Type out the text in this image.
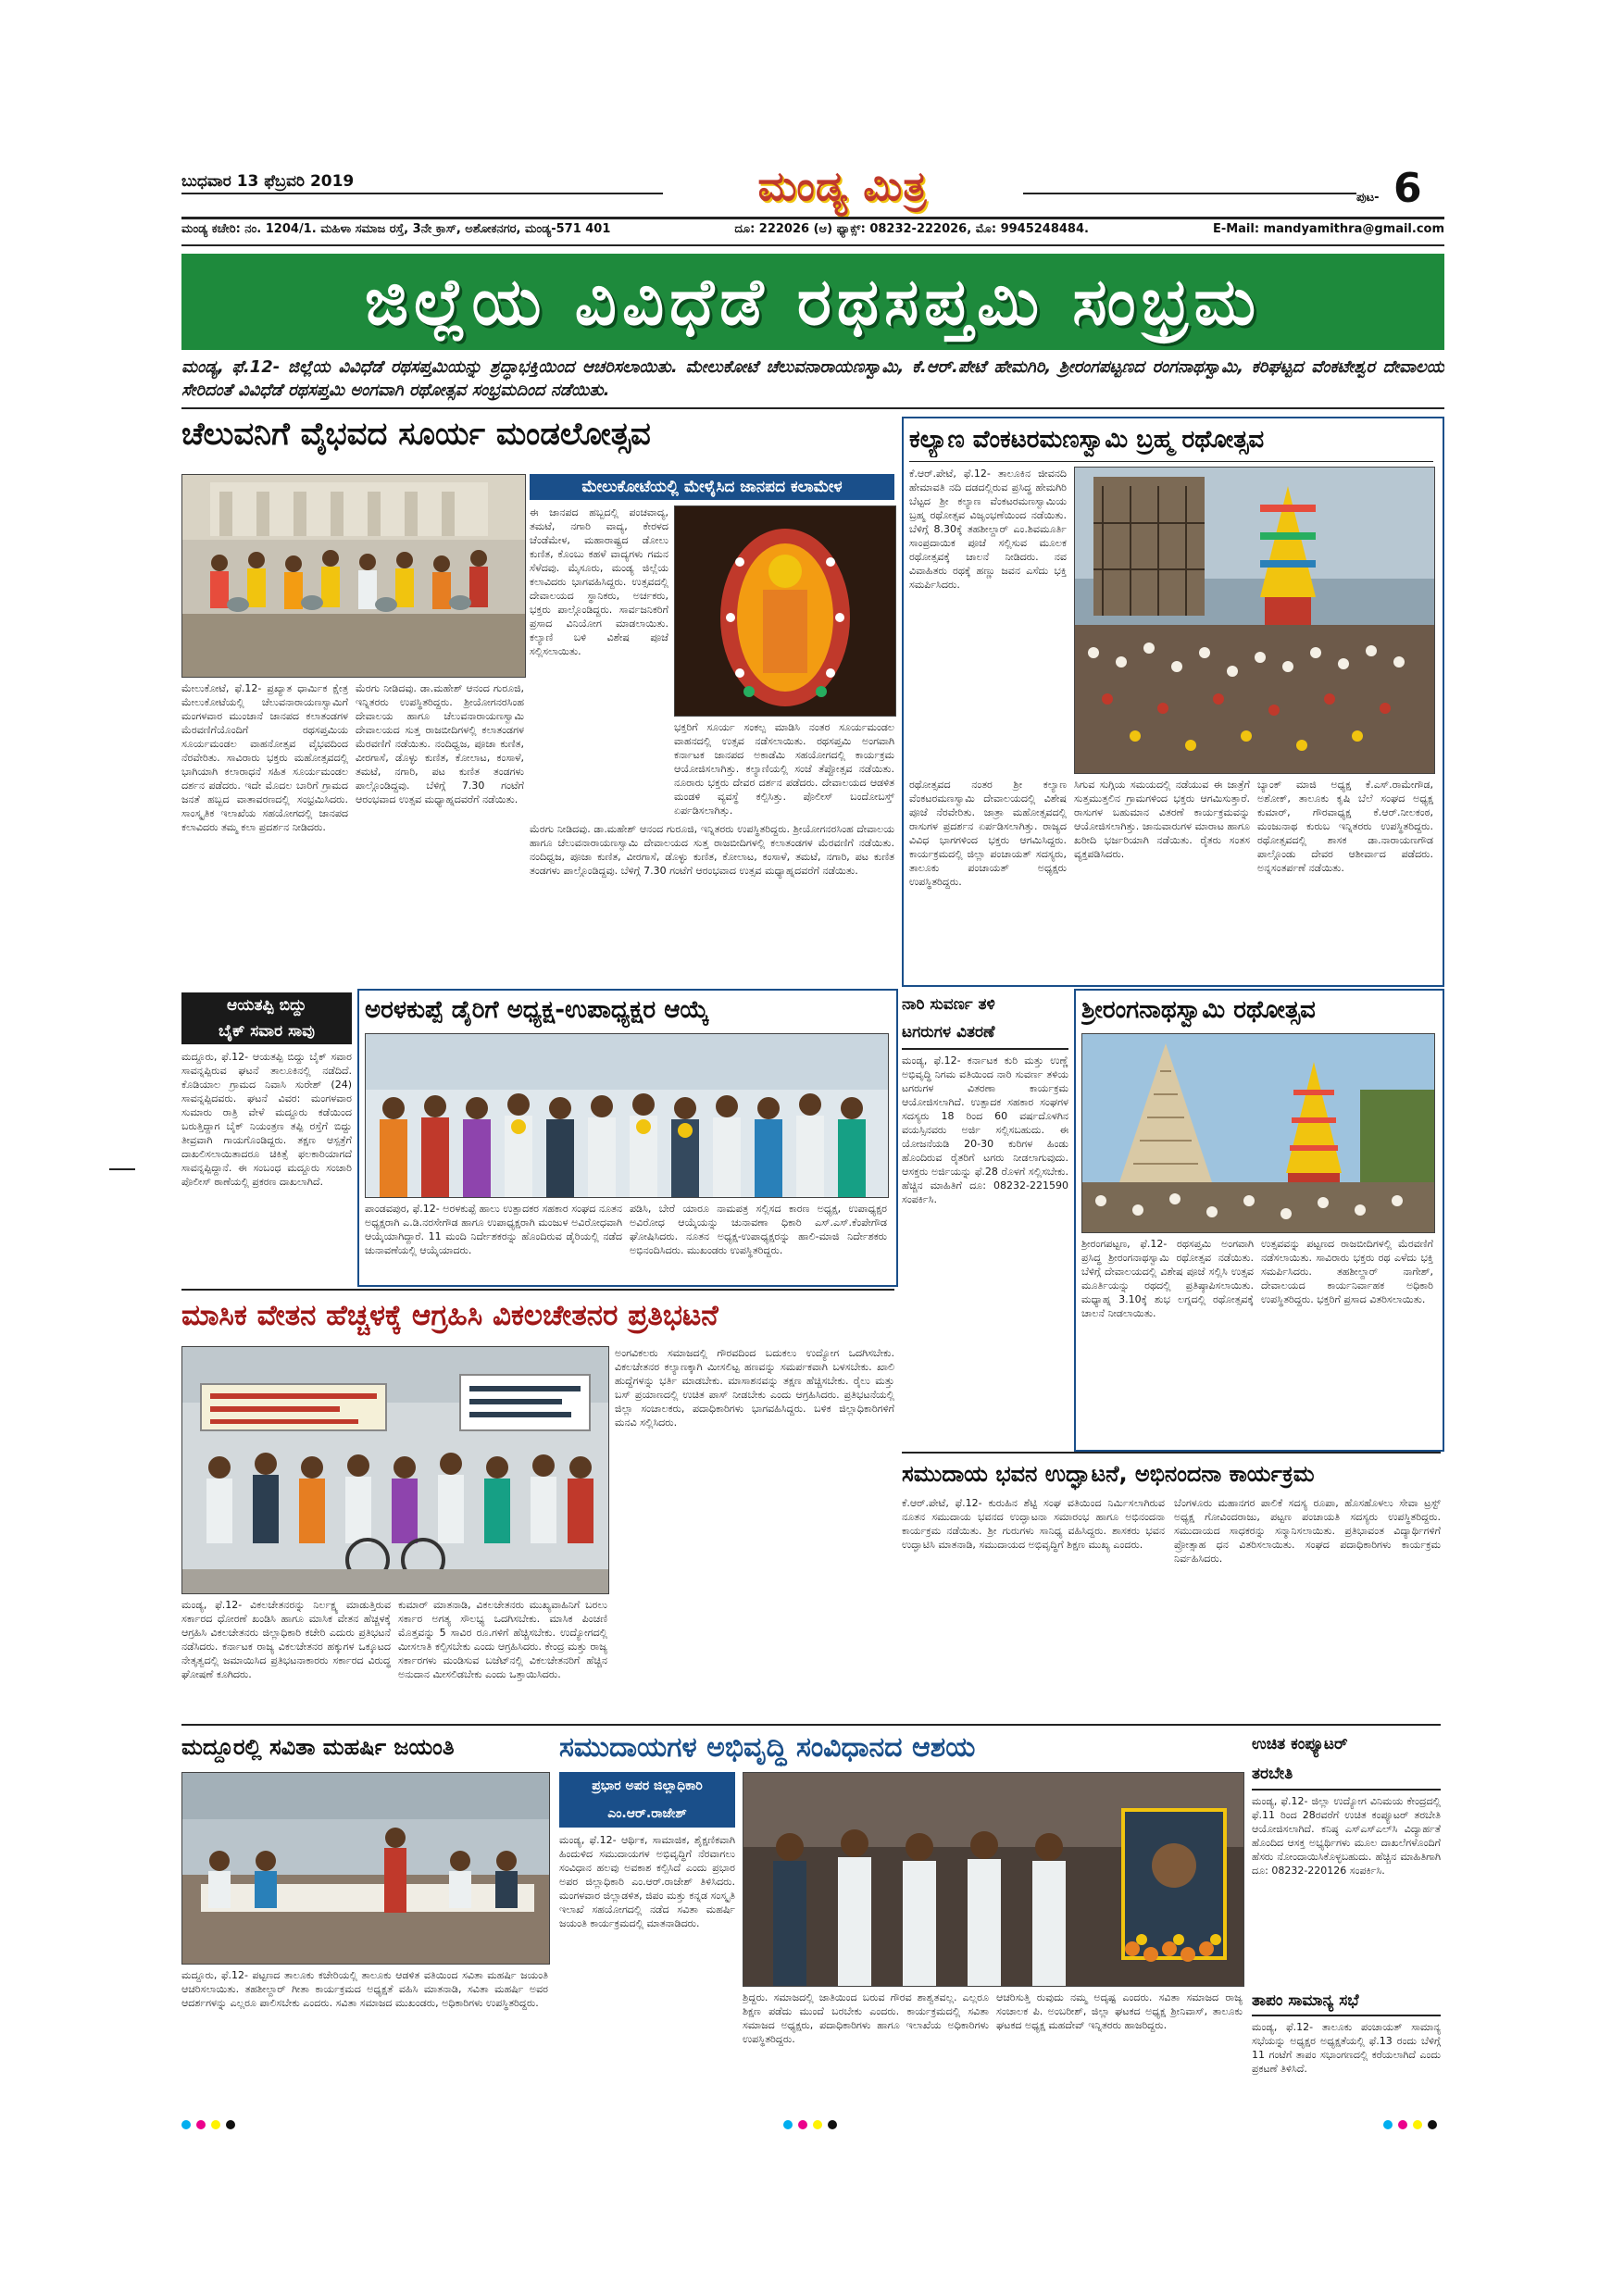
ಬುಧವಾರ 13 ಫೆಬ್ರವರಿ 2019	ಮಂಡ್ಯ ಮಿತ್ರ	ಪುಟ- 6
ಮಂಡ್ಯ ಕಚೇರಿ: ನಂ. 1204/1. ಮಹಿಳಾ ಸಮಾಜ ರಸ್ತೆ, 3ನೇ ಕ್ರಾಸ್, ಅಶೋಕನಗರ, ಮಂಡ್ಯ-571 401	ದೂ: 222026 (ಆ) ಫ್ಯಾಕ್ಸ್: 08232-222026, ಮೊ: 9945248484.	E-Mail: mandyamithra@gmail.com
ಜಿಲ್ಲೆಯ ವಿವಿಧೆಡೆ ರಥಸಪ್ತಮಿ ಸಂಭ್ರಮ
ಮಂಡ್ಯ, ಫೆ.12- ಜಿಲ್ಲೆಯ ವಿವಿಧೆಡೆ ರಥಸಪ್ತಮಿಯನ್ನು ಶ್ರದ್ಧಾಭಕ್ತಿಯಿಂದ ಆಚರಿಸಲಾಯಿತು. ಮೇಲುಕೋಟೆ ಚೆಲುವನಾರಾಯಣಸ್ವಾಮಿ, ಕೆ.ಆರ್.ಪೇಟೆ ಹೇಮಗಿರಿ, ಶ್ರೀರಂಗಪಟ್ಟಣದ ರಂಗನಾಥಸ್ವಾಮಿ, ಕರಿಘಟ್ಟದ ವೆಂಕಟೇಶ್ವರ ದೇವಾಲಯ ಸೇರಿದಂತೆ ವಿವಿಧೆಡೆ ರಥಸಪ್ತಮಿ ಅಂಗವಾಗಿ ರಥೋತ್ಸವ ಸಂಭ್ರಮದಿಂದ ನಡೆಯಿತು.
ಚೆಲುವನಿಗೆ ವೈಭವದ ಸೂರ್ಯ ಮಂಡಲೋತ್ಸವ
ಮೇಲುಕೋಟೆಯಲ್ಲಿ ಮೇಳೈಸಿದ ಜಾನಪದ ಕಲಾಮೇಳ
ಈ ಜಾನಪದ ಹಬ್ಬದಲ್ಲಿ ಪಂಚವಾದ್ಯ, ತಮಟೆ, ನಗಾರಿ ವಾದ್ಯ, ಕೇರಳದ ಚೆಂಡೆಮೇಳ, ಮಹಾರಾಷ್ಟ್ರದ ಡೋಲು ಕುಣಿತ, ಕೊಂಬು ಕಹಳೆ ವಾದ್ಯಗಳು ಗಮನ ಸೆಳೆದವು. ಮೈಸೂರು, ಮಂಡ್ಯ ಜಿಲ್ಲೆಯ ಕಲಾವಿದರು ಭಾಗವಹಿಸಿದ್ದರು. ಉತ್ಸವದಲ್ಲಿ ದೇವಾಲಯದ ಸ್ಥಾನಿಕರು, ಅರ್ಚಕರು, ಭಕ್ತರು ಪಾಲ್ಗೊಂಡಿದ್ದರು. ಸಾರ್ವಜನಿಕರಿಗೆ ಪ್ರಸಾದ ವಿನಿಯೋಗ ಮಾಡಲಾಯಿತು. ಕಲ್ಯಾಣಿ ಬಳಿ ವಿಶೇಷ ಪೂಜೆ ಸಲ್ಲಿಸಲಾಯಿತು.
ಭಕ್ತರಿಗೆ ಸೂರ್ಯ ಸಂಕಲ್ಪ ಮಾಡಿಸಿ ನಂತರ ಸೂರ್ಯಮಂಡಲ ವಾಹನದಲ್ಲಿ ಉತ್ಸವ ನಡೆಸಲಾಯಿತು. ರಥಸಪ್ತಮಿ ಅಂಗವಾಗಿ ಕರ್ನಾಟಕ ಜಾನಪದ ಅಕಾಡೆಮಿ ಸಹಯೋಗದಲ್ಲಿ ಕಾರ್ಯಕ್ರಮ ಆಯೋಜಿಸಲಾಗಿತ್ತು. ಕಲ್ಯಾಣಿಯಲ್ಲಿ ಸಂಜೆ ತೆಪ್ಪೋತ್ಸವ ನಡೆಯಿತು. ನೂರಾರು ಭಕ್ತರು ದೇವರ ದರ್ಶನ ಪಡೆದರು. ದೇವಾಲಯದ ಆಡಳಿತ ಮಂಡಳಿ ವ್ಯವಸ್ಥೆ ಕಲ್ಪಿಸಿತ್ತು. ಪೊಲೀಸ್ ಬಂದೋಬಸ್ತ್ ಏರ್ಪಡಿಸಲಾಗಿತ್ತು.
ಮೇಲುಕೋಟೆ, ಫೆ.12- ಪ್ರಖ್ಯಾತ ಧಾರ್ಮಿಕ ಕ್ಷೇತ್ರ ಮೇಲುಕೋಟೆಯಲ್ಲಿ ಚೆಲುವನಾರಾಯಣಸ್ವಾಮಿಗೆ ಮಂಗಳವಾರ ಮುಂಜಾನೆ ಜಾನಪದ ಕಲಾತಂಡಗಳ ಮೆರವಣಿಗೆಯೊಂದಿಗೆ ರಥಸಪ್ತಮಿಯ ಸೂರ್ಯಮಂಡಲ ವಾಹನೋತ್ಸವ ವೈಭವದಿಂದ ನೆರವೇರಿತು. ಸಾವಿರಾರು ಭಕ್ತರು ಮಹೋತ್ಸವದಲ್ಲಿ ಭಾಗಿಯಾಗಿ ಕಲಾರಾಧನೆ ಸಹಿತ ಸೂರ್ಯಮಂಡಲ ದರ್ಶನ ಪಡೆದರು. ಇದೇ ಮೊದಲ ಬಾರಿಗೆ ಗ್ರಾಮದ ಜನತೆ ಹಬ್ಬದ ವಾತಾವರಣದಲ್ಲಿ ಸಂಭ್ರಮಿಸಿದರು. ಸಾಂಸ್ಕೃತಿಕ ಇಲಾಖೆಯ ಸಹಯೋಗದಲ್ಲಿ ಜಾನಪದ ಕಲಾವಿದರು ತಮ್ಮ ಕಲಾ ಪ್ರದರ್ಶನ ನೀಡಿದರು.
ಮೆರಗು ನೀಡಿದವು. ಡಾ.ಮಹೇಶ್ ಆನಂದ ಗುರೂಜಿ, ಇನ್ನಿತರರು ಉಪಸ್ಥಿತರಿದ್ದರು. ಶ್ರೀಯೋಗನರಸಿಂಹ ದೇವಾಲಯ ಹಾಗೂ ಚೆಲುವನಾರಾಯಣಸ್ವಾಮಿ ದೇವಾಲಯದ ಸುತ್ತ ರಾಜಬೀದಿಗಳಲ್ಲಿ ಕಲಾತಂಡಗಳ ಮೆರವಣಿಗೆ ನಡೆಯಿತು. ನಂದಿಧ್ವಜ, ಪೂಜಾ ಕುಣಿತ, ವೀರಗಾಸೆ, ಡೊಳ್ಳು ಕುಣಿತ, ಕೋಲಾಟ, ಕಂಸಾಳೆ, ತಮಟೆ, ನಗಾರಿ, ಪಟ ಕುಣಿತ ತಂಡಗಳು ಪಾಲ್ಗೊಂಡಿದ್ದವು. ಬೆಳಿಗ್ಗೆ 7.30 ಗಂಟೆಗೆ ಆರಂಭವಾದ ಉತ್ಸವ ಮಧ್ಯಾಹ್ನದವರೆಗೆ ನಡೆಯಿತು.
ಮೆರಗು ನೀಡಿದವು. ಡಾ.ಮಹೇಶ್ ಆನಂದ ಗುರೂಜಿ, ಇನ್ನಿತರರು ಉಪಸ್ಥಿತರಿದ್ದರು. ಶ್ರೀಯೋಗನರಸಿಂಹ ದೇವಾಲಯ ಹಾಗೂ ಚೆಲುವನಾರಾಯಣಸ್ವಾಮಿ ದೇವಾಲಯದ ಸುತ್ತ ರಾಜಬೀದಿಗಳಲ್ಲಿ ಕಲಾತಂಡಗಳ ಮೆರವಣಿಗೆ ನಡೆಯಿತು. ನಂದಿಧ್ವಜ, ಪೂಜಾ ಕುಣಿತ, ವೀರಗಾಸೆ, ಡೊಳ್ಳು ಕುಣಿತ, ಕೋಲಾಟ, ಕಂಸಾಳೆ, ತಮಟೆ, ನಗಾರಿ, ಪಟ ಕುಣಿತ ತಂಡಗಳು ಪಾಲ್ಗೊಂಡಿದ್ದವು. ಬೆಳಿಗ್ಗೆ 7.30 ಗಂಟೆಗೆ ಆರಂಭವಾದ ಉತ್ಸವ ಮಧ್ಯಾಹ್ನದವರೆಗೆ ನಡೆಯಿತು.
ಕಲ್ಯಾಣ ವೆಂಕಟರಮಣಸ್ವಾಮಿ ಬ್ರಹ್ಮ ರಥೋತ್ಸವ
ಕೆ.ಆರ್.ಪೇಟೆ, ಫೆ.12- ತಾಲೂಕಿನ ಜೀವನದಿ ಹೇಮಾವತಿ ನದಿ ದಡದಲ್ಲಿರುವ ಪ್ರಸಿದ್ಧ ಹೇಮಗಿರಿ ಬೆಟ್ಟದ ಶ್ರೀ ಕಲ್ಯಾಣ ವೆಂಕಟರಮಣಸ್ವಾಮಿಯ ಬ್ರಹ್ಮ ರಥೋತ್ಸವ ವಿಜೃಂಭಣೆಯಿಂದ ನಡೆಯಿತು. ಬೆಳಿಗ್ಗೆ 8.30ಕ್ಕೆ ತಹಶೀಲ್ದಾರ್ ಎಂ.ಶಿವಮೂರ್ತಿ ಸಾಂಪ್ರದಾಯಿಕ ಪೂಜೆ ಸಲ್ಲಿಸುವ ಮೂಲಕ ರಥೋತ್ಸವಕ್ಕೆ ಚಾಲನೆ ನೀಡಿದರು. ನವ ವಿವಾಹಿತರು ರಥಕ್ಕೆ ಹಣ್ಣು ಜವನ ಎಸೆದು ಭಕ್ತಿ ಸಮರ್ಪಿಸಿದರು.
ರಥೋತ್ಸವದ ನಂತರ ಶ್ರೀ ಕಲ್ಯಾಣ ವೆಂಕಟರಮಣಸ್ವಾಮಿ ದೇವಾಲಯದಲ್ಲಿ ವಿಶೇಷ ಪೂಜೆ ನೆರವೇರಿತು. ಜಾತ್ರಾ ಮಹೋತ್ಸವದಲ್ಲಿ ರಾಸುಗಳ ಪ್ರದರ್ಶನ ಏರ್ಪಡಿಸಲಾಗಿತ್ತು. ರಾಜ್ಯದ ವಿವಿಧ ಭಾಗಗಳಿಂದ ಭಕ್ತರು ಆಗಮಿಸಿದ್ದರು. ಕಾರ್ಯಕ್ರಮದಲ್ಲಿ ಜಿಲ್ಲಾ ಪಂಚಾಯತ್ ಸದಸ್ಯರು, ತಾಲೂಕು ಪಂಚಾಯತ್ ಅಧ್ಯಕ್ಷರು ಉಪಸ್ಥಿತರಿದ್ದರು.
ಸಿಗುವ ಸುಗ್ಗಿಯ ಸಮಯದಲ್ಲಿ ನಡೆಯುವ ಈ ಜಾತ್ರೆಗೆ ಸುತ್ತಮುತ್ತಲಿನ ಗ್ರಾಮಗಳಿಂದ ಭಕ್ತರು ಆಗಮಿಸುತ್ತಾರೆ. ರಾಸುಗಳ ಬಹುಮಾನ ವಿತರಣೆ ಕಾರ್ಯಕ್ರಮವನ್ನು ಆಯೋಜಿಸಲಾಗಿತ್ತು. ಜಾನುವಾರುಗಳ ಮಾರಾಟ ಹಾಗೂ ಖರೀದಿ ಭರ್ಜರಿಯಾಗಿ ನಡೆಯಿತು. ರೈತರು ಸಂತಸ ವ್ಯಕ್ತಪಡಿಸಿದರು.
ಬ್ಯಾಂಕ್ ಮಾಜಿ ಅಧ್ಯಕ್ಷ ಕೆ.ಎಸ್.ರಾಮೇಗೌಡ, ಅಶೋಕ್, ತಾಲೂಕು ಕೃಷಿ ಬೆಲೆ ಸಂಘದ ಅಧ್ಯಕ್ಷ ಕುಮಾರ್, ಗೌರವಾಧ್ಯಕ್ಷ ಕೆ.ಆರ್.ನೀಲಕಂಠ, ಮಂಜುನಾಥ ಕುರುಬ ಇನ್ನಿತರರು ಉಪಸ್ಥಿತರಿದ್ದರು. ರಥೋತ್ಸವದಲ್ಲಿ ಶಾಸಕ ಡಾ.ನಾರಾಯಣಗೌಡ ಪಾಲ್ಗೊಂಡು ದೇವರ ಆಶೀರ್ವಾದ ಪಡೆದರು. ಅನ್ನಸಂತರ್ಪಣೆ ನಡೆಯಿತು.
ಆಯತಪ್ಪಿ ಬಿದ್ದು
ಬೈಕ್ ಸವಾರ ಸಾವು
ಮದ್ದೂರು, ಫೆ.12- ಆಯತಪ್ಪಿ ಬಿದ್ದು ಬೈಕ್ ಸವಾರ ಸಾವನ್ನಪ್ಪಿರುವ ಘಟನೆ ತಾಲೂಕಿನಲ್ಲಿ ನಡೆದಿದೆ. ಕೊಡಿಯಾಲ ಗ್ರಾಮದ ನಿವಾಸಿ ಸುರೇಶ್ (24) ಸಾವನ್ನಪ್ಪಿದವರು. ಘಟನೆ ವಿವರ: ಮಂಗಳವಾರ ಸುಮಾರು ರಾತ್ರಿ ವೇಳೆ ಮದ್ದೂರು ಕಡೆಯಿಂದ ಬರುತ್ತಿದ್ದಾಗ ಬೈಕ್ ನಿಯಂತ್ರಣ ತಪ್ಪಿ ರಸ್ತೆಗೆ ಬಿದ್ದು ತೀವ್ರವಾಗಿ ಗಾಯಗೊಂಡಿದ್ದರು. ತಕ್ಷಣ ಆಸ್ಪತ್ರೆಗೆ ದಾಖಲಿಸಲಾಯಿತಾದರೂ ಚಿಕಿತ್ಸೆ ಫಲಕಾರಿಯಾಗದೆ ಸಾವನ್ನಪ್ಪಿದ್ದಾನೆ. ಈ ಸಂಬಂಧ ಮದ್ದೂರು ಸಂಚಾರಿ ಪೊಲೀಸ್ ಠಾಣೆಯಲ್ಲಿ ಪ್ರಕರಣ ದಾಖಲಾಗಿದೆ.
ಅರಳಕುಪ್ಪೆ ಡೈರಿಗೆ ಅಧ್ಯಕ್ಷ-ಉಪಾಧ್ಯಕ್ಷರ ಆಯ್ಕೆ
ಪಾಂಡವಪುರ, ಫೆ.12- ಅರಳಕುಪ್ಪೆ ಹಾಲು ಉತ್ಪಾದಕರ ಸಹಕಾರ ಸಂಘದ ನೂತನ ಅಧ್ಯಕ್ಷರಾಗಿ ಎ.ಡಿ.ನರಸೇಗೌಡ ಹಾಗೂ ಉಪಾಧ್ಯಕ್ಷರಾಗಿ ಮಂಜುಳ ಅವಿರೋಧವಾಗಿ ಆಯ್ಕೆಯಾಗಿದ್ದಾರೆ. 11 ಮಂದಿ ನಿರ್ದೇಶಕರನ್ನು ಹೊಂದಿರುವ ಡೈರಿಯಲ್ಲಿ ನಡೆದ ಚುನಾವಣೆಯಲ್ಲಿ ಆಯ್ಕೆಯಾದರು.
ಪಡಿಸಿ, ಬೇರೆ ಯಾರೂ ನಾಮಪತ್ರ ಸಲ್ಲಿಸದ ಕಾರಣ ಅಧ್ಯಕ್ಷ, ಉಪಾಧ್ಯಕ್ಷರ ಅವಿರೋಧ ಆಯ್ಕೆಯನ್ನು ಚುನಾವಣಾ ಧಿಕಾರಿ ಎಸ್.ಎಸ್.ಕೆಂಪೇಗೌಡ ಘೋಷಿಸಿದರು. ನೂತನ ಅಧ್ಯಕ್ಷ-ಉಪಾಧ್ಯಕ್ಷರನ್ನು ಹಾಲಿ-ಮಾಜಿ ನಿರ್ದೇಶಕರು ಅಭಿನಂದಿಸಿದರು. ಮುಖಂಡರು ಉಪಸ್ಥಿತರಿದ್ದರು.
ನಾರಿ ಸುವರ್ಣ ತಳಿ
ಟಗರುಗಳ ವಿತರಣೆ
ಮಂಡ್ಯ, ಫೆ.12- ಕರ್ನಾಟಕ ಕುರಿ ಮತ್ತು ಉಣ್ಣೆ ಅಭಿವೃದ್ಧಿ ನಿಗಮ ವತಿಯಿಂದ ನಾರಿ ಸುವರ್ಣ ತಳಿಯ ಟಗರುಗಳ ವಿತರಣಾ ಕಾರ್ಯಕ್ರಮ ಆಯೋಜಿಸಲಾಗಿದೆ. ಉತ್ಪಾದಕ ಸಹಕಾರ ಸಂಘಗಳ ಸದಸ್ಯರು 18 ರಿಂದ 60 ವರ್ಷದೊಳಗಿನ ವಯಸ್ಸಿನವರು ಅರ್ಜಿ ಸಲ್ಲಿಸಬಹುದು. ಈ ಯೋಜನೆಯಡಿ 20-30 ಕುರಿಗಳ ಹಿಂಡು ಹೊಂದಿರುವ ರೈತರಿಗೆ ಟಗರು ನೀಡಲಾಗುವುದು. ಆಸಕ್ತರು ಅರ್ಜಿಯನ್ನು ಫೆ.28 ರೊಳಗೆ ಸಲ್ಲಿಸಬೇಕು. ಹೆಚ್ಚಿನ ಮಾಹಿತಿಗೆ ದೂ: 08232-221590 ಸಂಪರ್ಕಿಸಿ.
ಶ್ರೀರಂಗನಾಥಸ್ವಾಮಿ ರಥೋತ್ಸವ
ಶ್ರೀರಂಗಪಟ್ಟಣ, ಫೆ.12- ರಥಸಪ್ತಮಿ ಅಂಗವಾಗಿ ಪ್ರಸಿದ್ಧ ಶ್ರೀರಂಗನಾಥಸ್ವಾಮಿ ರಥೋತ್ಸವ ನಡೆಯಿತು. ಬೆಳಿಗ್ಗೆ ದೇವಾಲಯದಲ್ಲಿ ವಿಶೇಷ ಪೂಜೆ ಸಲ್ಲಿಸಿ ಉತ್ಸವ ಮೂರ್ತಿಯನ್ನು ರಥದಲ್ಲಿ ಪ್ರತಿಷ್ಠಾಪಿಸಲಾಯಿತು. ಮಧ್ಯಾಹ್ನ 3.10ಕ್ಕೆ ಶುಭ ಲಗ್ನದಲ್ಲಿ ರಥೋತ್ಸವಕ್ಕೆ ಚಾಲನೆ ನೀಡಲಾಯಿತು.
ಉತ್ಸವವನ್ನು ಪಟ್ಟಣದ ರಾಜಬೀದಿಗಳಲ್ಲಿ ಮೆರವಣಿಗೆ ನಡೆಸಲಾಯಿತು. ಸಾವಿರಾರು ಭಕ್ತರು ರಥ ಎಳೆದು ಭಕ್ತಿ ಸಮರ್ಪಿಸಿದರು. ತಹಶೀಲ್ದಾರ್ ನಾಗೇಶ್, ದೇವಾಲಯದ ಕಾರ್ಯನಿರ್ವಾಹಕ ಅಧಿಕಾರಿ ಉಪಸ್ಥಿತರಿದ್ದರು. ಭಕ್ತರಿಗೆ ಪ್ರಸಾದ ವಿತರಿಸಲಾಯಿತು.
ಮಾಸಿಕ ವೇತನ ಹೆಚ್ಚಳಕ್ಕೆ ಆಗ್ರಹಿಸಿ ವಿಕಲಚೇತನರ ಪ್ರತಿಭಟನೆ
ಅಂಗವಿಕಲರು ಸಮಾಜದಲ್ಲಿ ಗೌರವದಿಂದ ಬದುಕಲು ಉದ್ಯೋಗ ಒದಗಿಸಬೇಕು. ವಿಕಲಚೇತನರ ಕಲ್ಯಾಣಕ್ಕಾಗಿ ಮೀಸಲಿಟ್ಟ ಹಣವನ್ನು ಸಮರ್ಪಕವಾಗಿ ಬಳಸಬೇಕು. ಖಾಲಿ ಹುದ್ದೆಗಳನ್ನು ಭರ್ತಿ ಮಾಡಬೇಕು. ಮಾಸಾಶನವನ್ನು ತಕ್ಷಣ ಹೆಚ್ಚಿಸಬೇಕು. ರೈಲು ಮತ್ತು ಬಸ್ ಪ್ರಯಾಣದಲ್ಲಿ ಉಚಿತ ಪಾಸ್ ನೀಡಬೇಕು ಎಂದು ಆಗ್ರಹಿಸಿದರು. ಪ್ರತಿಭಟನೆಯಲ್ಲಿ ಜಿಲ್ಲಾ ಸಂಚಾಲಕರು, ಪದಾಧಿಕಾರಿಗಳು ಭಾಗವಹಿಸಿದ್ದರು. ಬಳಿಕ ಜಿಲ್ಲಾಧಿಕಾರಿಗಳಿಗೆ ಮನವಿ ಸಲ್ಲಿಸಿದರು.
ಮಂಡ್ಯ, ಫೆ.12- ವಿಕಲಚೇತನರನ್ನು ನಿರ್ಲಕ್ಷ್ಯ ಮಾಡುತ್ತಿರುವ ಸರ್ಕಾರದ ಧೋರಣೆ ಖಂಡಿಸಿ ಹಾಗೂ ಮಾಸಿಕ ವೇತನ ಹೆಚ್ಚಳಕ್ಕೆ ಆಗ್ರಹಿಸಿ ವಿಕಲಚೇತನರು ಜಿಲ್ಲಾಧಿಕಾರಿ ಕಚೇರಿ ಎದುರು ಪ್ರತಿಭಟನೆ ನಡೆಸಿದರು. ಕರ್ನಾಟಕ ರಾಜ್ಯ ವಿಕಲಚೇತನರ ಹಕ್ಕುಗಳ ಒಕ್ಕೂಟದ ನೇತೃತ್ವದಲ್ಲಿ ಜಮಾಯಿಸಿದ ಪ್ರತಿಭಟನಾಕಾರರು ಸರ್ಕಾರದ ವಿರುದ್ಧ ಘೋಷಣೆ ಕೂಗಿದರು.
ಕುಮಾರ್ ಮಾತನಾಡಿ, ವಿಕಲಚೇತನರು ಮುಖ್ಯವಾಹಿನಿಗೆ ಬರಲು ಸರ್ಕಾರ ಅಗತ್ಯ ಸೌಲಭ್ಯ ಒದಗಿಸಬೇಕು. ಮಾಸಿಕ ಪಿಂಚಣಿ ಮೊತ್ತವನ್ನು 5 ಸಾವಿರ ರೂ.ಗಳಿಗೆ ಹೆಚ್ಚಿಸಬೇಕು. ಉದ್ಯೋಗದಲ್ಲಿ ಮೀಸಲಾತಿ ಕಲ್ಪಿಸಬೇಕು ಎಂದು ಆಗ್ರಹಿಸಿದರು. ಕೇಂದ್ರ ಮತ್ತು ರಾಜ್ಯ ಸರ್ಕಾರಗಳು ಮಂಡಿಸುವ ಬಜೆಟ್‌ನಲ್ಲಿ ವಿಕಲಚೇತನರಿಗೆ ಹೆಚ್ಚಿನ ಅನುದಾನ ಮೀಸಲಿಡಬೇಕು ಎಂದು ಒತ್ತಾಯಿಸಿದರು.
ಸಮುದಾಯ ಭವನ ಉದ್ಘಾಟನೆ, ಅಭಿನಂದನಾ ಕಾರ್ಯಕ್ರಮ
ಕೆ.ಆರ್.ಪೇಟೆ, ಫೆ.12- ಕುರುಹಿನ ಶೆಟ್ಟಿ ಸಂಘ ವತಿಯಿಂದ ನಿರ್ಮಿಸಲಾಗಿರುವ ನೂತನ ಸಮುದಾಯ ಭವನದ ಉದ್ಘಾಟನಾ ಸಮಾರಂಭ ಹಾಗೂ ಅಭಿನಂದನಾ ಕಾರ್ಯಕ್ರಮ ನಡೆಯಿತು. ಶ್ರೀ ಗುರುಗಳು ಸಾನಿಧ್ಯ ವಹಿಸಿದ್ದರು. ಶಾಸಕರು ಭವನ ಉದ್ಘಾಟಿಸಿ ಮಾತನಾಡಿ, ಸಮುದಾಯದ ಅಭಿವೃದ್ಧಿಗೆ ಶಿಕ್ಷಣ ಮುಖ್ಯ ಎಂದರು.
ಬೆಂಗಳೂರು ಮಹಾನಗರ ಪಾಲಿಕೆ ಸದಸ್ಯ ರೂಪಾ, ಹೊಸಹೊಳಲು ಸೇವಾ ಟ್ರಸ್ಟ್ ಅಧ್ಯಕ್ಷ ಗೋವಿಂದರಾಜು, ಪಟ್ಟಣ ಪಂಚಾಯತಿ ಸದಸ್ಯರು ಉಪಸ್ಥಿತರಿದ್ದರು. ಸಮುದಾಯದ ಸಾಧಕರನ್ನು ಸನ್ಮಾನಿಸಲಾಯಿತು. ಪ್ರತಿಭಾವಂತ ವಿದ್ಯಾರ್ಥಿಗಳಿಗೆ ಪ್ರೋತ್ಸಾಹ ಧನ ವಿತರಿಸಲಾಯಿತು. ಸಂಘದ ಪದಾಧಿಕಾರಿಗಳು ಕಾರ್ಯಕ್ರಮ ನಿರ್ವಹಿಸಿದರು.
ಮದ್ದೂರಲ್ಲಿ ಸವಿತಾ ಮಹರ್ಷಿ ಜಯಂತಿ
ಮದ್ದೂರು, ಫೆ.12- ಪಟ್ಟಣದ ತಾಲೂಕು ಕಚೇರಿಯಲ್ಲಿ ತಾಲೂಕು ಆಡಳಿತ ವತಿಯಿಂದ ಸವಿತಾ ಮಹರ್ಷಿ ಜಯಂತಿ ಆಚರಿಸಲಾಯಿತು. ತಹಶೀಲ್ದಾರ್ ಗೀತಾ ಕಾರ್ಯಕ್ರಮದ ಅಧ್ಯಕ್ಷತೆ ವಹಿಸಿ ಮಾತನಾಡಿ, ಸವಿತಾ ಮಹರ್ಷಿ ಅವರ ಆದರ್ಶಗಳನ್ನು ಎಲ್ಲರೂ ಪಾಲಿಸಬೇಕು ಎಂದರು. ಸವಿತಾ ಸಮಾಜದ ಮುಖಂಡರು, ಅಧಿಕಾರಿಗಳು ಉಪಸ್ಥಿತರಿದ್ದರು.
ಸಮುದಾಯಗಳ ಅಭಿವೃದ್ಧಿ ಸಂವಿಧಾನದ ಆಶಯ
ಪ್ರಭಾರ ಅಪರ ಜಿಲ್ಲಾಧಿಕಾರಿ
ಎಂ.ಆರ್.ರಾಜೇಶ್
ಮಂಡ್ಯ, ಫೆ.12- ಆರ್ಥಿಕ, ಸಾಮಾಜಿಕ, ಶೈಕ್ಷಣಿಕವಾಗಿ ಹಿಂದುಳಿದ ಸಮುದಾಯಗಳ ಅಭಿವೃದ್ಧಿಗೆ ನೆರವಾಗಲು ಸಂವಿಧಾನ ಹಲವು ಅವಕಾಶ ಕಲ್ಪಿಸಿದೆ ಎಂದು ಪ್ರಭಾರ ಅಪರ ಜಿಲ್ಲಾಧಿಕಾರಿ ಎಂ.ಆರ್.ರಾಜೇಶ್ ತಿಳಿಸಿದರು. ಮಂಗಳವಾರ ಜಿಲ್ಲಾಡಳಿತ, ಜಿಪಂ ಮತ್ತು ಕನ್ನಡ ಸಂಸ್ಕೃತಿ ಇಲಾಖೆ ಸಹಯೋಗದಲ್ಲಿ ನಡೆದ ಸವಿತಾ ಮಹರ್ಷಿ ಜಯಂತಿ ಕಾರ್ಯಕ್ರಮದಲ್ಲಿ ಮಾತನಾಡಿದರು.
ಶ್ರಿದ್ದರು. ಸಮಾಜದಲ್ಲಿ ಜಾತಿಯಿಂದ ಬರುವ ಗೌರವ ಶಾಶ್ವತವಲ್ಲ. ಎಲ್ಲರೂ ಶಿಕ್ಷಣ ಪಡೆದು ಮುಂದೆ ಬರಬೇಕು ಎಂದರು. ಕಾರ್ಯಕ್ರಮದಲ್ಲಿ ಸವಿತಾ ಸಮಾಜದ ಅಧ್ಯಕ್ಷರು, ಪದಾಧಿಕಾರಿಗಳು ಹಾಗೂ ಇಲಾಖೆಯ ಅಧಿಕಾರಿಗಳು ಉಪಸ್ಥಿತರಿದ್ದರು.
ಆಚರಿಸುತ್ತಿ ರುವುದು ನಮ್ಮ ಅದೃಷ್ಟ ಎಂದರು. ಸವಿತಾ ಸಮಾಜದ ರಾಜ್ಯ ಸಂಚಾಲಕ ಪಿ. ಅಂಬರೀಶ್, ಜಿಲ್ಲಾ ಘಟಕದ ಅಧ್ಯಕ್ಷ ಶ್ರೀನಿವಾಸ್, ತಾಲೂಕು ಘಟಕದ ಅಧ್ಯಕ್ಷ ಮಹದೇವ್ ಇನ್ನಿತರರು ಹಾಜರಿದ್ದರು.
ಉಚಿತ ಕಂಪ್ಯೂಟರ್
ತರಬೇತಿ
ಮಂಡ್ಯ, ಫೆ.12- ಜಿಲ್ಲಾ ಉದ್ಯೋಗ ವಿನಿಮಯ ಕೇಂದ್ರದಲ್ಲಿ ಫೆ.11 ರಿಂದ 28ರವರೆಗೆ ಉಚಿತ ಕಂಪ್ಯೂಟರ್ ತರಬೇತಿ ಆಯೋಜಿಸಲಾಗಿದೆ. ಕನಿಷ್ಠ ಎಸ್ಎಸ್ಎಲ್‌ಸಿ ವಿದ್ಯಾರ್ಹತೆ ಹೊಂದಿದ ಆಸಕ್ತ ಅಭ್ಯರ್ಥಿಗಳು ಮೂಲ ದಾಖಲೆಗಳೊಂದಿಗೆ ಹೆಸರು ನೋಂದಾಯಿಸಿಕೊಳ್ಳಬಹುದು. ಹೆಚ್ಚಿನ ಮಾಹಿತಿಗಾಗಿ ದೂ: 08232-220126 ಸಂಪರ್ಕಿಸಿ.
ತಾಪಂ ಸಾಮಾನ್ಯ ಸಭೆ
ಮಂಡ್ಯ, ಫೆ.12- ತಾಲೂಕು ಪಂಚಾಯತ್ ಸಾಮಾನ್ಯ ಸಭೆಯನ್ನು ಅಧ್ಯಕ್ಷರ ಅಧ್ಯಕ್ಷತೆಯಲ್ಲಿ ಫೆ.13 ರಂದು ಬೆಳಿಗ್ಗೆ 11 ಗಂಟೆಗೆ ತಾಪಂ ಸಭಾಂಗಣದಲ್ಲಿ ಕರೆಯಲಾಗಿದೆ ಎಂದು ಪ್ರಕಟಣೆ ತಿಳಿಸಿದೆ.
